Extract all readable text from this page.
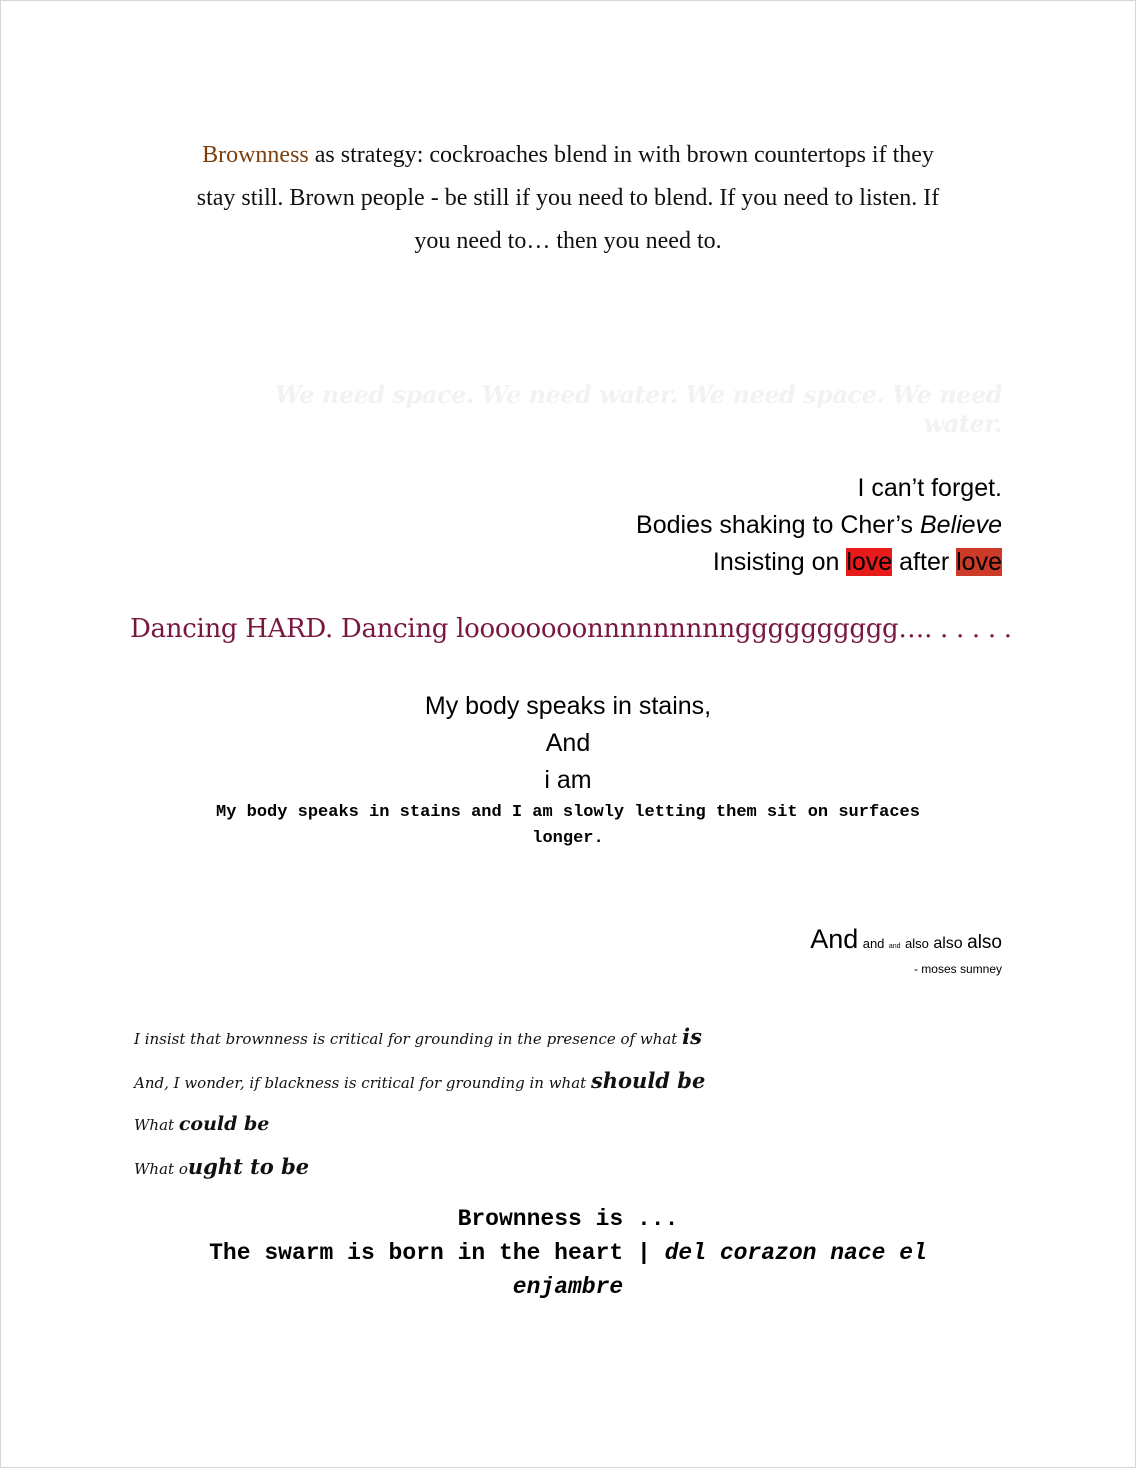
Brownness as strategy: cockroaches blend in with brown countertops if they
stay still. Brown people - be still if you need to blend. If you need to listen. If
you need to… then you need to.
We need space. We need water. We need space. We need water.
I can’t forget.
Bodies shaking to Cher’s Believe
Insisting on love after love
Dancing HARD. Dancing loooooooonnnnnnnnngggggggggg…. . . . . .
My body speaks in stains,
And
i am
My body speaks in stains and I am slowly letting them sit on surfaces
longer.
And and and also also also
- moses sumney
I insist that brownness is critical for grounding in the presence of what is
And, I wonder, if blackness is critical for grounding in what should be
What could be
What ought to be
Brownness is ...
The swarm is born in the heart | del corazon nace el
enjambre
